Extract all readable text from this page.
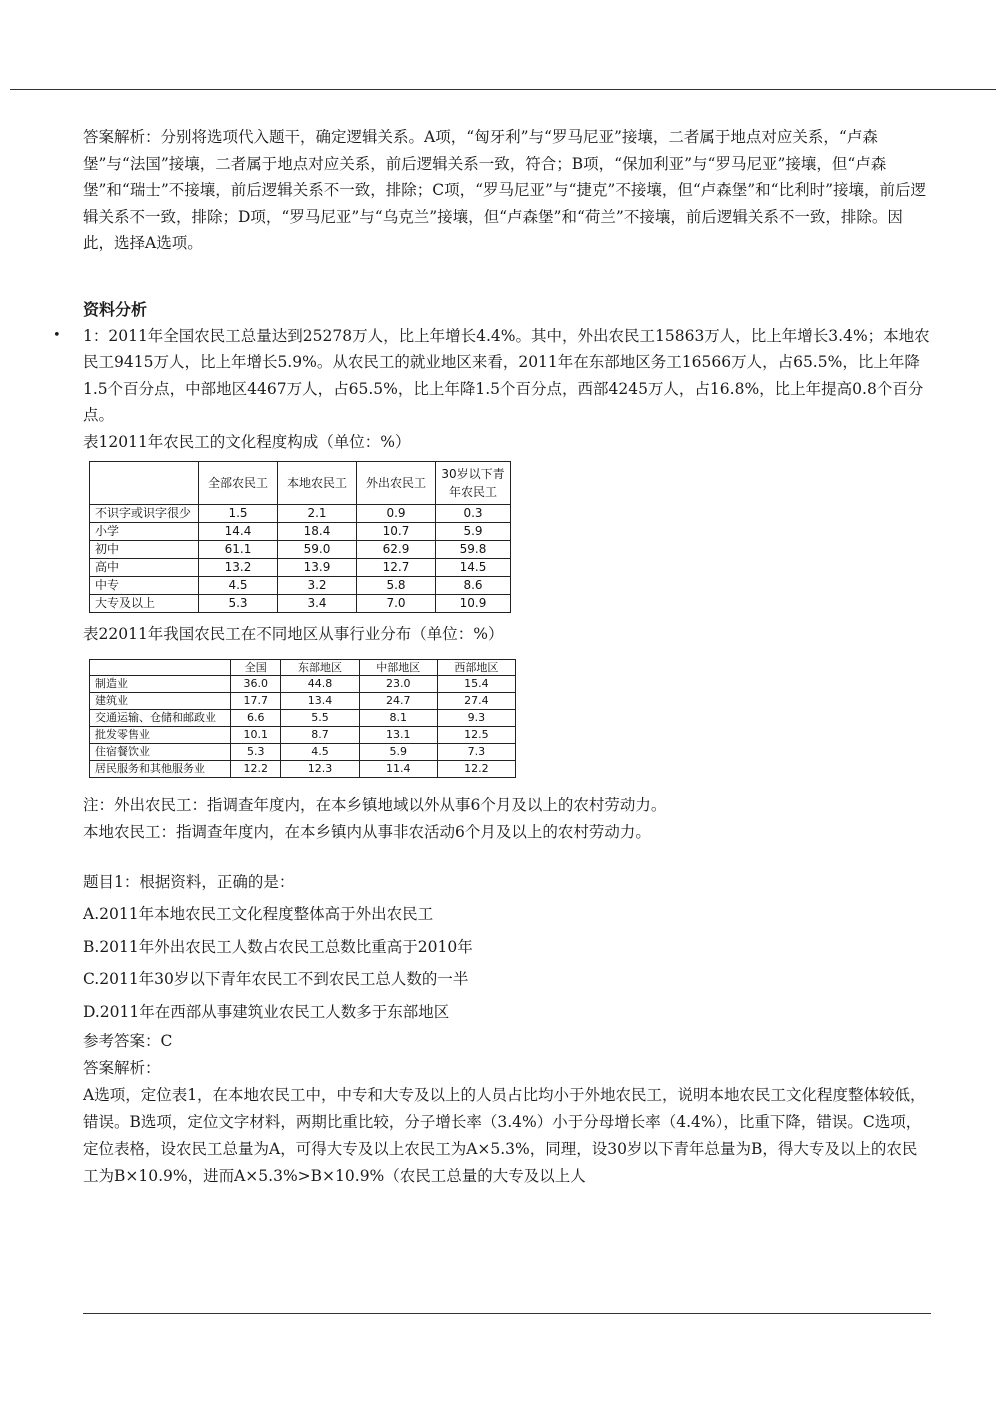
答案解析：分别将选项代入题干，确定逻辑关系。A项，“匈牙利”与“罗马尼亚”接壤，二者属于地点对应关系，“卢森堡”与“法国”接壤，二者属于地点对应关系，前后逻辑关系一致，符合；B项，“保加利亚”与“罗马尼亚”接壤，但“卢森堡”和“瑞士”不接壤，前后逻辑关系不一致，排除；C项，“罗马尼亚”与“捷克”不接壤，但“卢森堡”和“比利时”接壤，前后逻辑关系不一致，排除；D项，“罗马尼亚”与“乌克兰”接壤，但“卢森堡”和“荷兰”不接壤，前后逻辑关系不一致，排除。因此，选择A选项。

资料分析

• 1：2011年全国农民工总量达到25278万人，比上年增长4.4%。其中，外出农民工15863万人，比上年增长3.4%；本地农民工9415万人，比上年增长5.9%。从农民工的就业地区来看，2011年在东部地区务工16566万人，占65.5%，比上年降1.5个百分点，中部地区4467万人，占65.5%，比上年降1.5个百分点，西部4245万人，占16.8%，比上年提高0.8个百分点。

表12011年农民工的文化程度构成（单位：%）

	全部农民工	本地农民工	外出农民工	30岁以下青年农民工
不识字或识字很少	1.5	2.1	0.9	0.3
小学	14.4	18.4	10.7	5.9
初中	61.1	59.0	62.9	59.8
高中	13.2	13.9	12.7	14.5
中专	4.5	3.2	5.8	8.6
大专及以上	5.3	3.4	7.0	10.9

表22011年我国农民工在不同地区从事行业分布（单位：%）

	全国	东部地区	中部地区	西部地区
制造业	36.0	44.8	23.0	15.4
建筑业	17.7	13.4	24.7	27.4
交通运输、仓储和邮政业	6.6	5.5	8.1	9.3
批发零售业	10.1	8.7	13.1	12.5
住宿餐饮业	5.3	4.5	5.9	7.3
居民服务和其他服务业	12.2	12.3	11.4	12.2

注：外出农民工：指调查年度内，在本乡镇地域以外从事6个月及以上的农村劳动力。

本地农民工：指调查年度内，在本乡镇内从事非农活动6个月及以上的农村劳动力。

题目1：根据资料，正确的是：

A.2011年本地农民工文化程度整体高于外出农民工

B.2011年外出农民工人数占农民工总数比重高于2010年

C.2011年30岁以下青年农民工不到农民工总人数的一半

D.2011年在西部从事建筑业农民工人数多于东部地区

参考答案：C

答案解析：

A选项，定位表1，在本地农民工中，中专和大专及以上的人员占比均小于外地农民工，说明本地农民工文化程度整体较低，错误。B选项，定位文字材料，两期比重比较，分子增长率（3.4%）小于分母增长率（4.4%），比重下降，错误。C选项，定位表格，设农民工总量为A，可得大专及以上农民工为A×5.3%，同理，设30岁以下青年总量为B，得大专及以上的农民工为B×10.9%，进而A×5.3%>B×10.9%（农民工总量的大专及以上人
